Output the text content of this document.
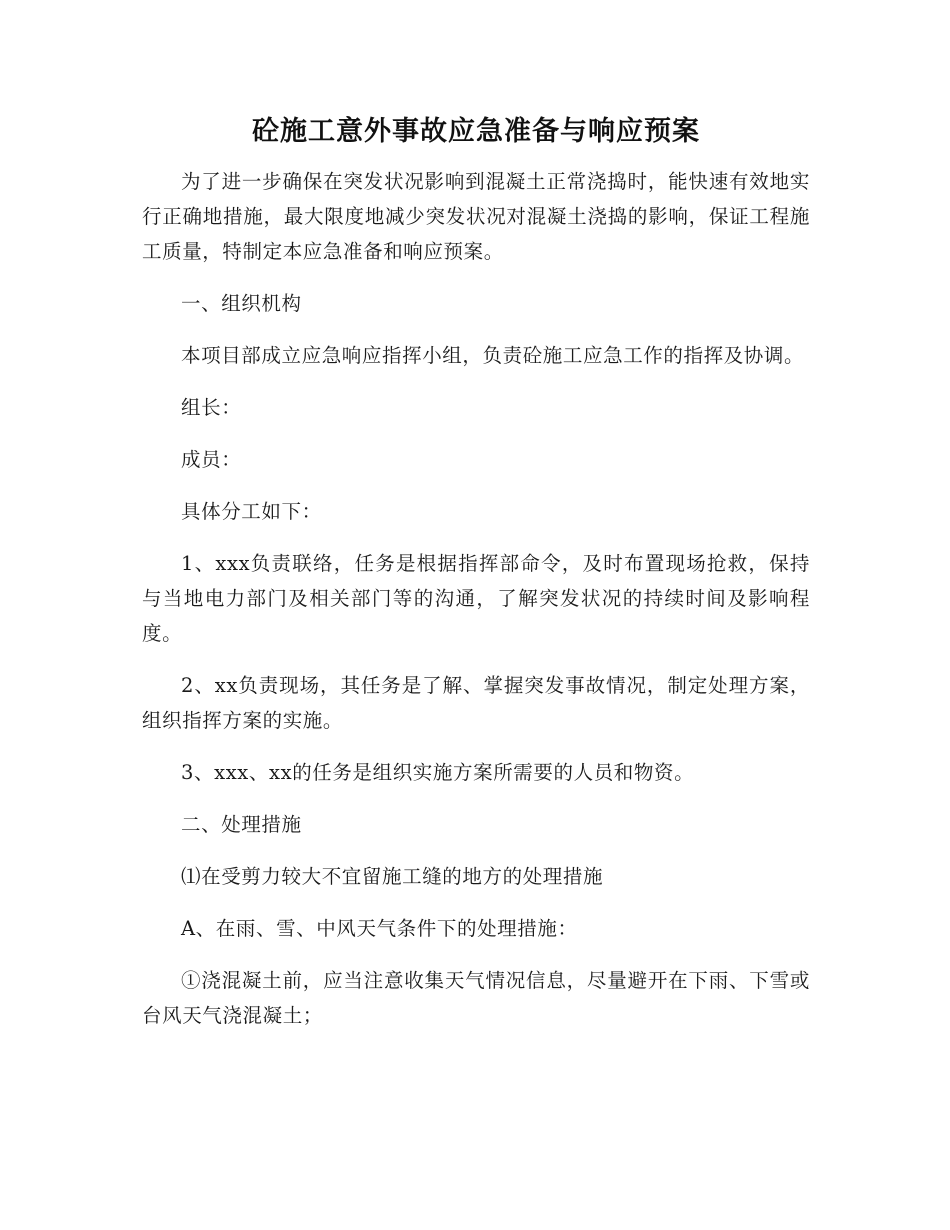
砼施工意外事故应急准备与响应预案

为了进一步确保在突发状况影响到混凝土正常浇捣时，能快速有效地实行正确地措施，最大限度地减少突发状况对混凝土浇捣的影响，保证工程施工质量，特制定本应急准备和响应预案。

一、组织机构

本项目部成立应急响应指挥小组，负责砼施工应急工作的指挥及协调。

组长：

成员：

具体分工如下：

1、xxx负责联络，任务是根据指挥部命令，及时布置现场抢救，保持与当地电力部门及相关部门等的沟通，了解突发状况的持续时间及影响程度。

2、xx负责现场，其任务是了解、掌握突发事故情况，制定处理方案，组织指挥方案的实施。

3、xxx、xx的任务是组织实施方案所需要的人员和物资。

二、处理措施

⑴在受剪力较大不宜留施工缝的地方的处理措施

A、在雨、雪、中风天气条件下的处理措施：

①浇混凝土前，应当注意收集天气情况信息，尽量避开在下雨、下雪或台风天气浇混凝土；
